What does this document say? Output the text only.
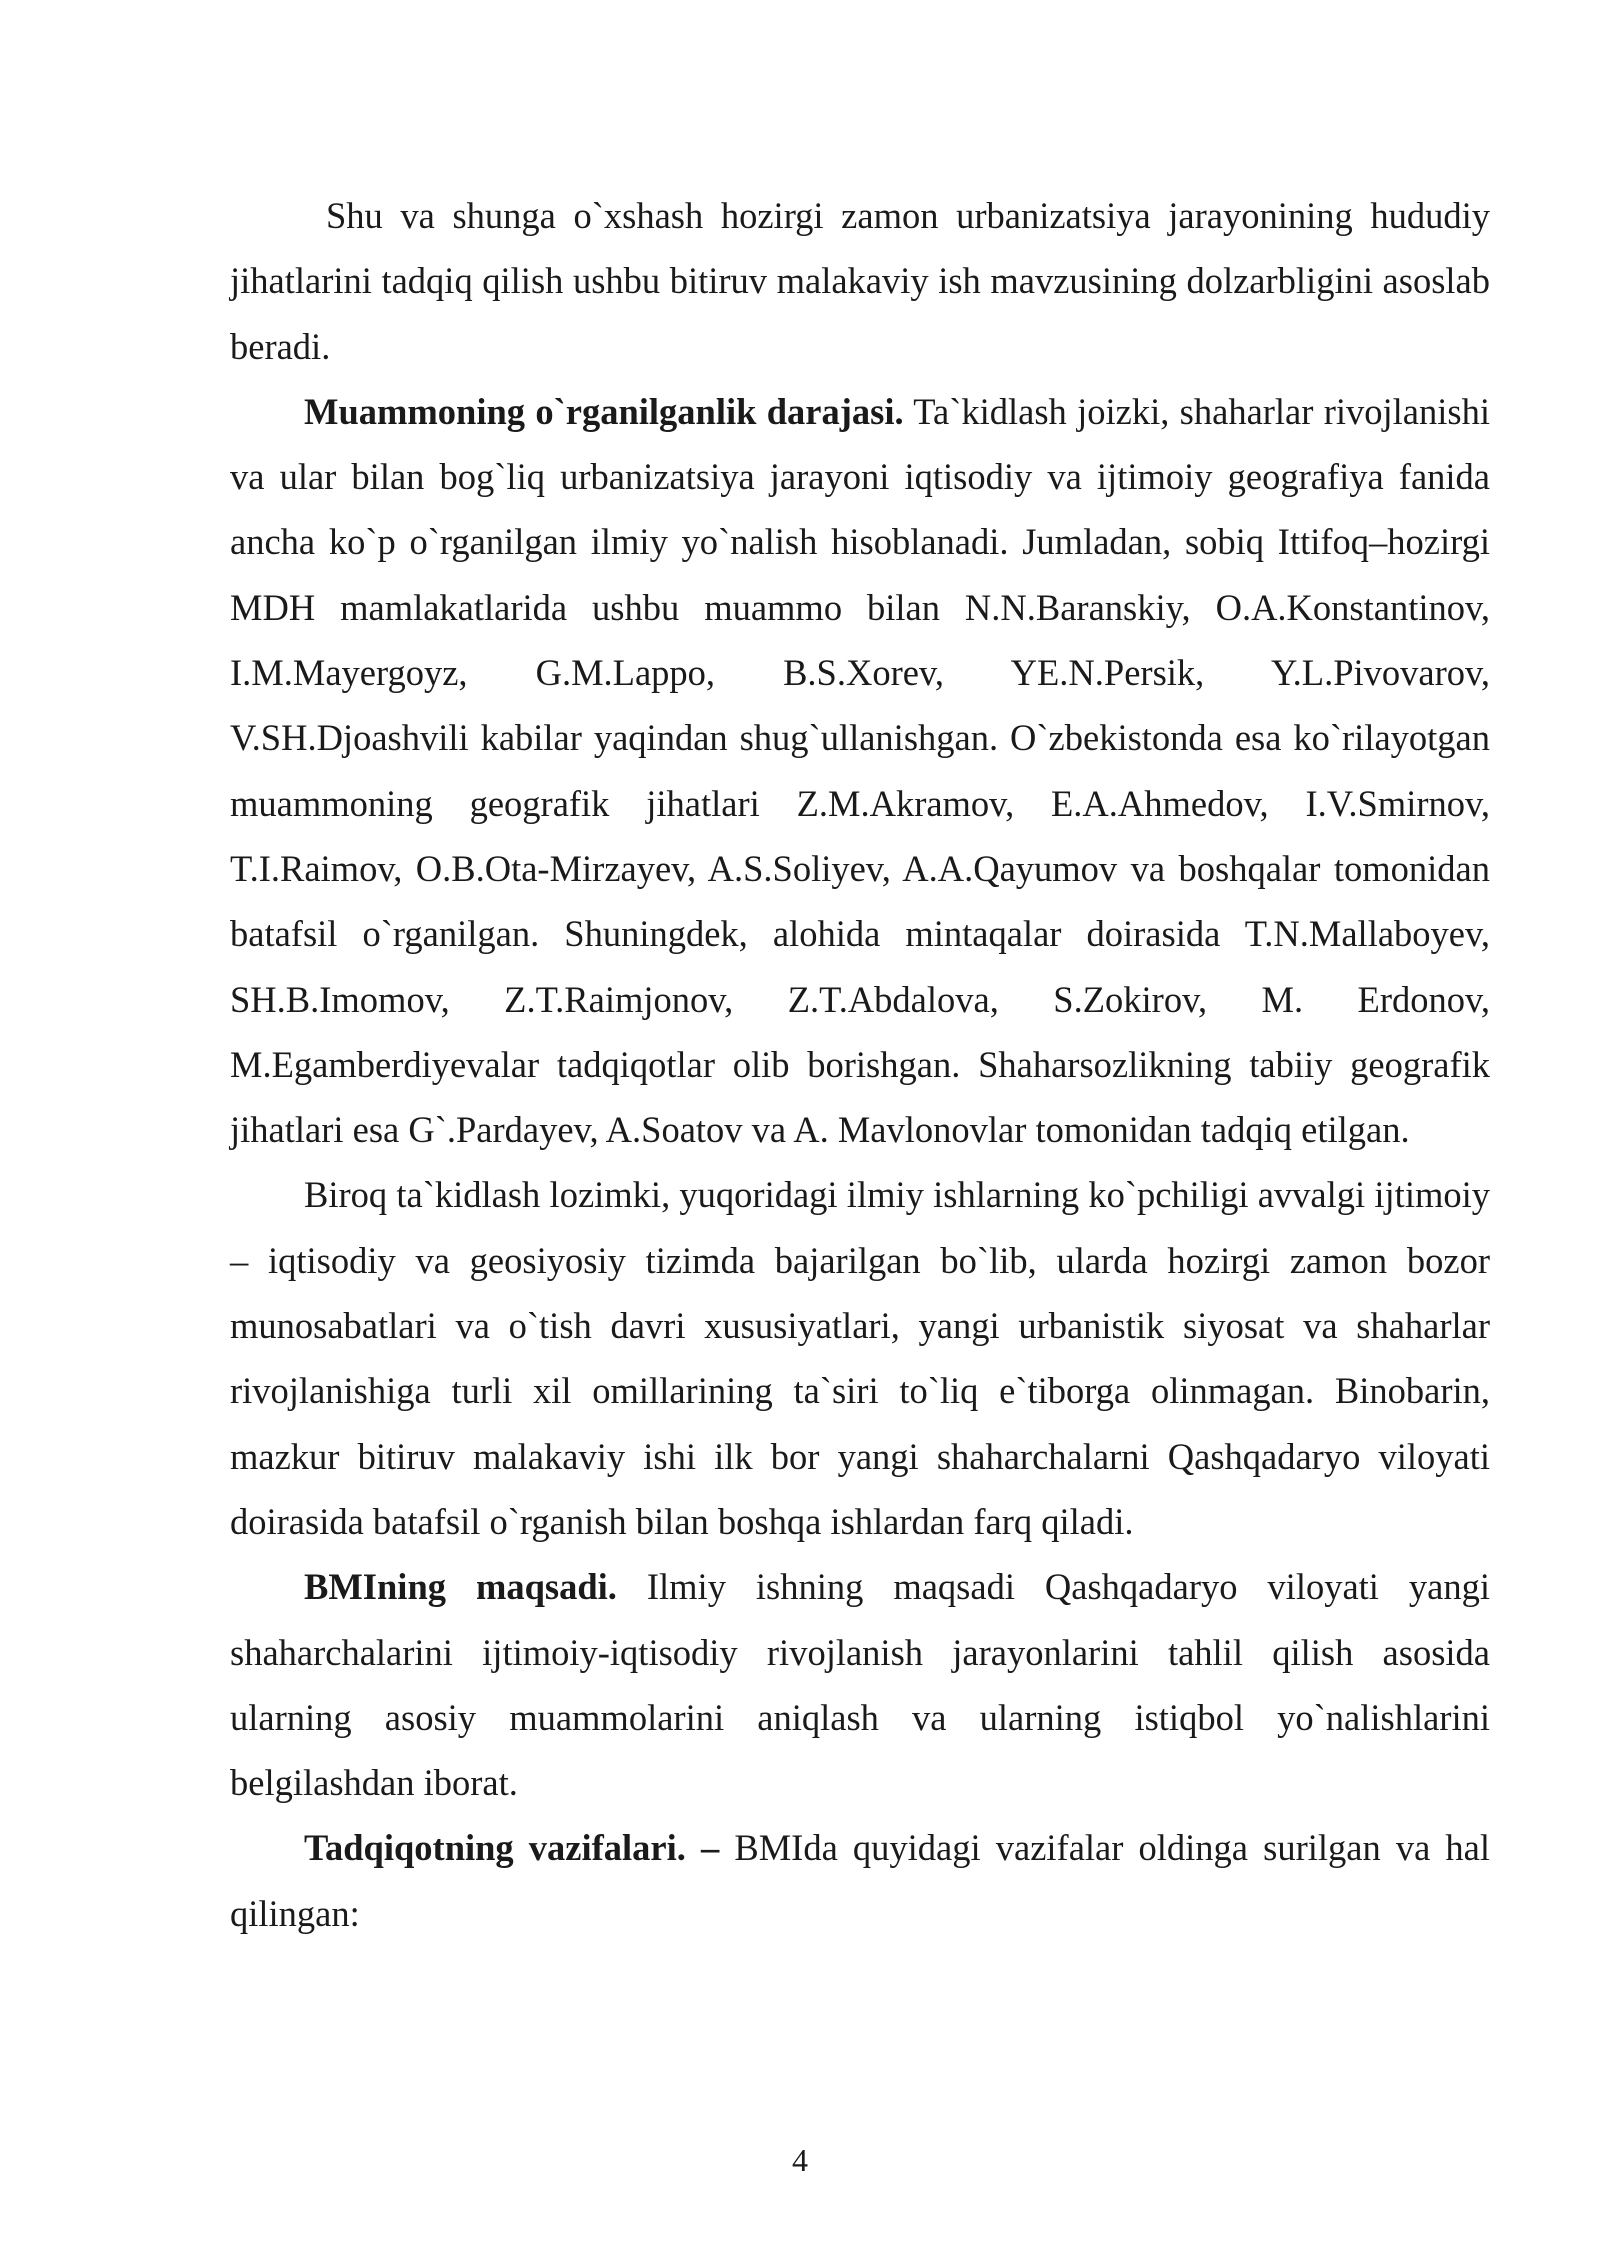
Shu va shunga o`xshash hozirgi zamon urbanizatsiya jarayonining hududiy jihatlarini tadqiq qilish ushbu bitiruv malakaviy ish mavzusining dolzarbligini asoslab beradi.

Muammoning o`rganilganlik darajasi. Ta`kidlash joizki, shaharlar rivojlanishi va ular bilan bog`liq urbanizatsiya jarayoni iqtisodiy va ijtimoiy geografiya fanida ancha ko`p o`rganilgan ilmiy yo`nalish hisoblanadi. Jumladan, sobiq Ittifoq–hozirgi MDH mamlakatlarida ushbu muammo bilan N.N.Baranskiy, O.A.Konstantinov, I.M.Mayergoyz, G.M.Lappo, B.S.Xorev, YE.N.Persik, Y.L.Pivovarov, V.SH.Djoashvili kabilar yaqindan shug`ullanishgan. O`zbekistonda esa ko`rilayotgan muammoning geografik jihatlari Z.M.Akramov, E.A.Ahmedov, I.V.Smirnov, T.I.Raimov, O.B.Ota-Mirzayev, A.S.Soliyev, A.A.Qayumov va boshqalar tomonidan batafsil o`rganilgan. Shuningdek, alohida mintaqalar doirasida T.N.Mallaboyev, SH.B.Imomov, Z.T.Raimjonov, Z.T.Abdalova, S.Zokirov, M. Erdonov, M.Egamberdiyevalar tadqiqotlar olib borishgan. Shaharsozlikning tabiiy geografik jihatlari esa G`.Pardayev, A.Soatov va A. Mavlonovlar tomonidan tadqiq etilgan.

Biroq ta`kidlash lozimki, yuqoridagi ilmiy ishlarning ko`pchiligi avvalgi ijtimoiy – iqtisodiy va geosiyosiy tizimda bajarilgan bo`lib, ularda hozirgi zamon bozor munosabatlari va o`tish davri xususiyatlari, yangi urbanistik siyosat va shaharlar rivojlanishiga turli xil omillarining ta`siri to`liq e`tiborga olinmagan. Binobarin, mazkur bitiruv malakaviy ishi ilk bor yangi shaharchalarni Qashqadaryo viloyati doirasida batafsil o`rganish bilan boshqa ishlardan farq qiladi.

BMIning maqsadi. Ilmiy ishning maqsadi Qashqadaryo viloyati yangi shaharchalarini ijtimoiy-iqtisodiy rivojlanish jarayonlarini tahlil qilish asosida ularning asosiy muammolarini aniqlash va ularning istiqbol yo`nalishlarini belgilashdan iborat.

Tadqiqotning vazifalari. – BMIda quyidagi vazifalar oldinga surilgan va hal qilingan:

4
